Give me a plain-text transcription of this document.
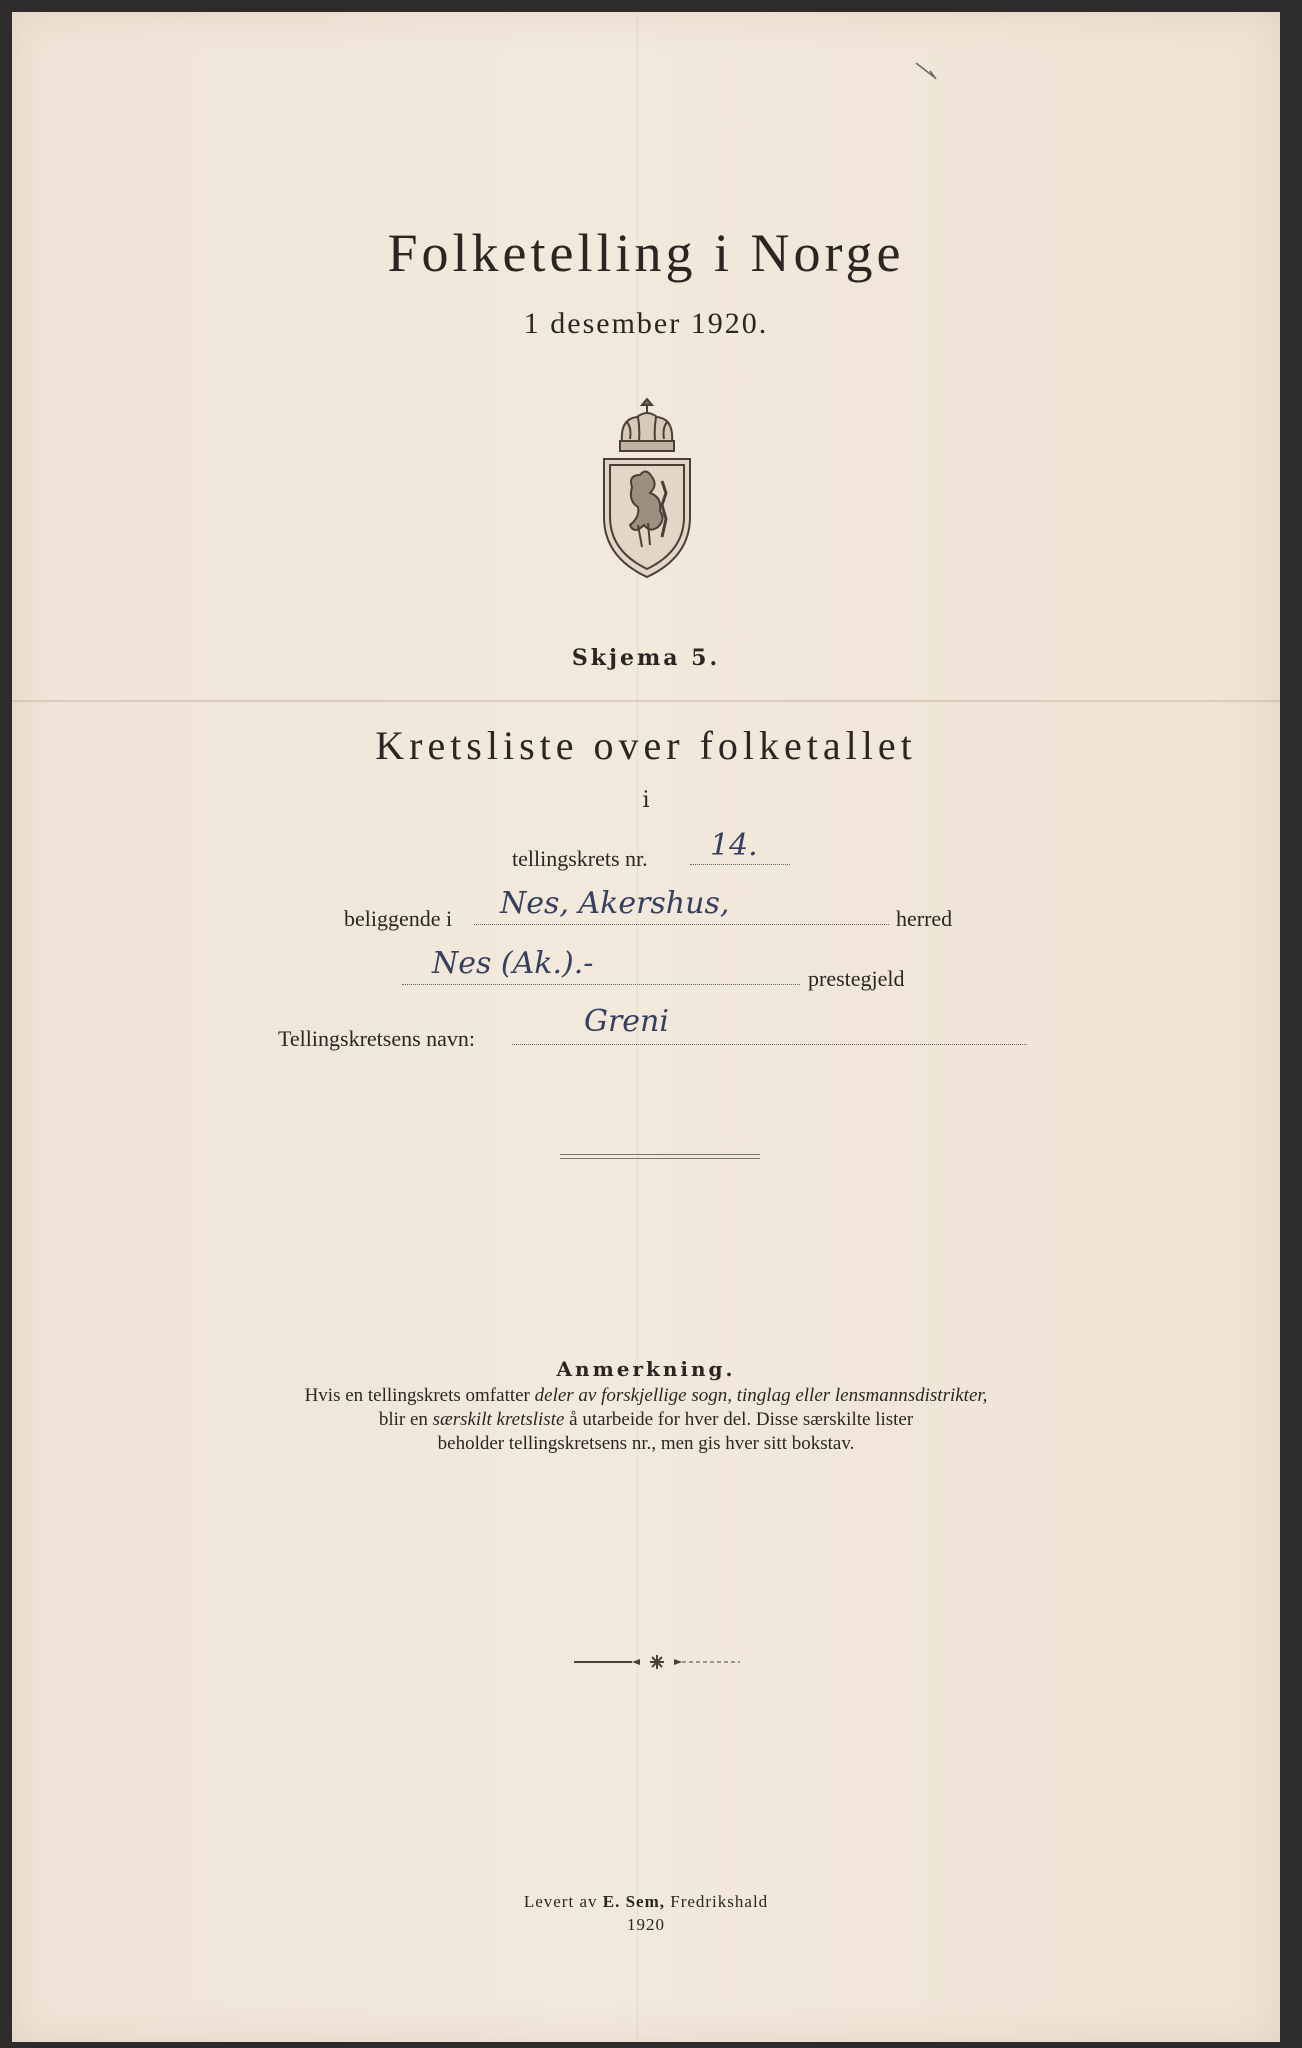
Folketelling i Norge
1 desember 1920.
Skjema 5.
Kretsliste over folketallet
i
tellingskrets nr. 14.
beliggende i Nes, Akershus,	herred
Nes (Ak.).-	prestegjeld
Tellingskretsens navn:	Greni
Anmerkning.
Hvis en tellingskrets omfatter deler av forskjellige sogn, tinglag eller lensmannsdistrikter,
blir en særskilt kretsliste å utarbeide for hver del. Disse særskilte lister
beholder tellingskretsens nr., men gis hver sitt bokstav.
Levert av E. Sem, Fredrikshald
1920
